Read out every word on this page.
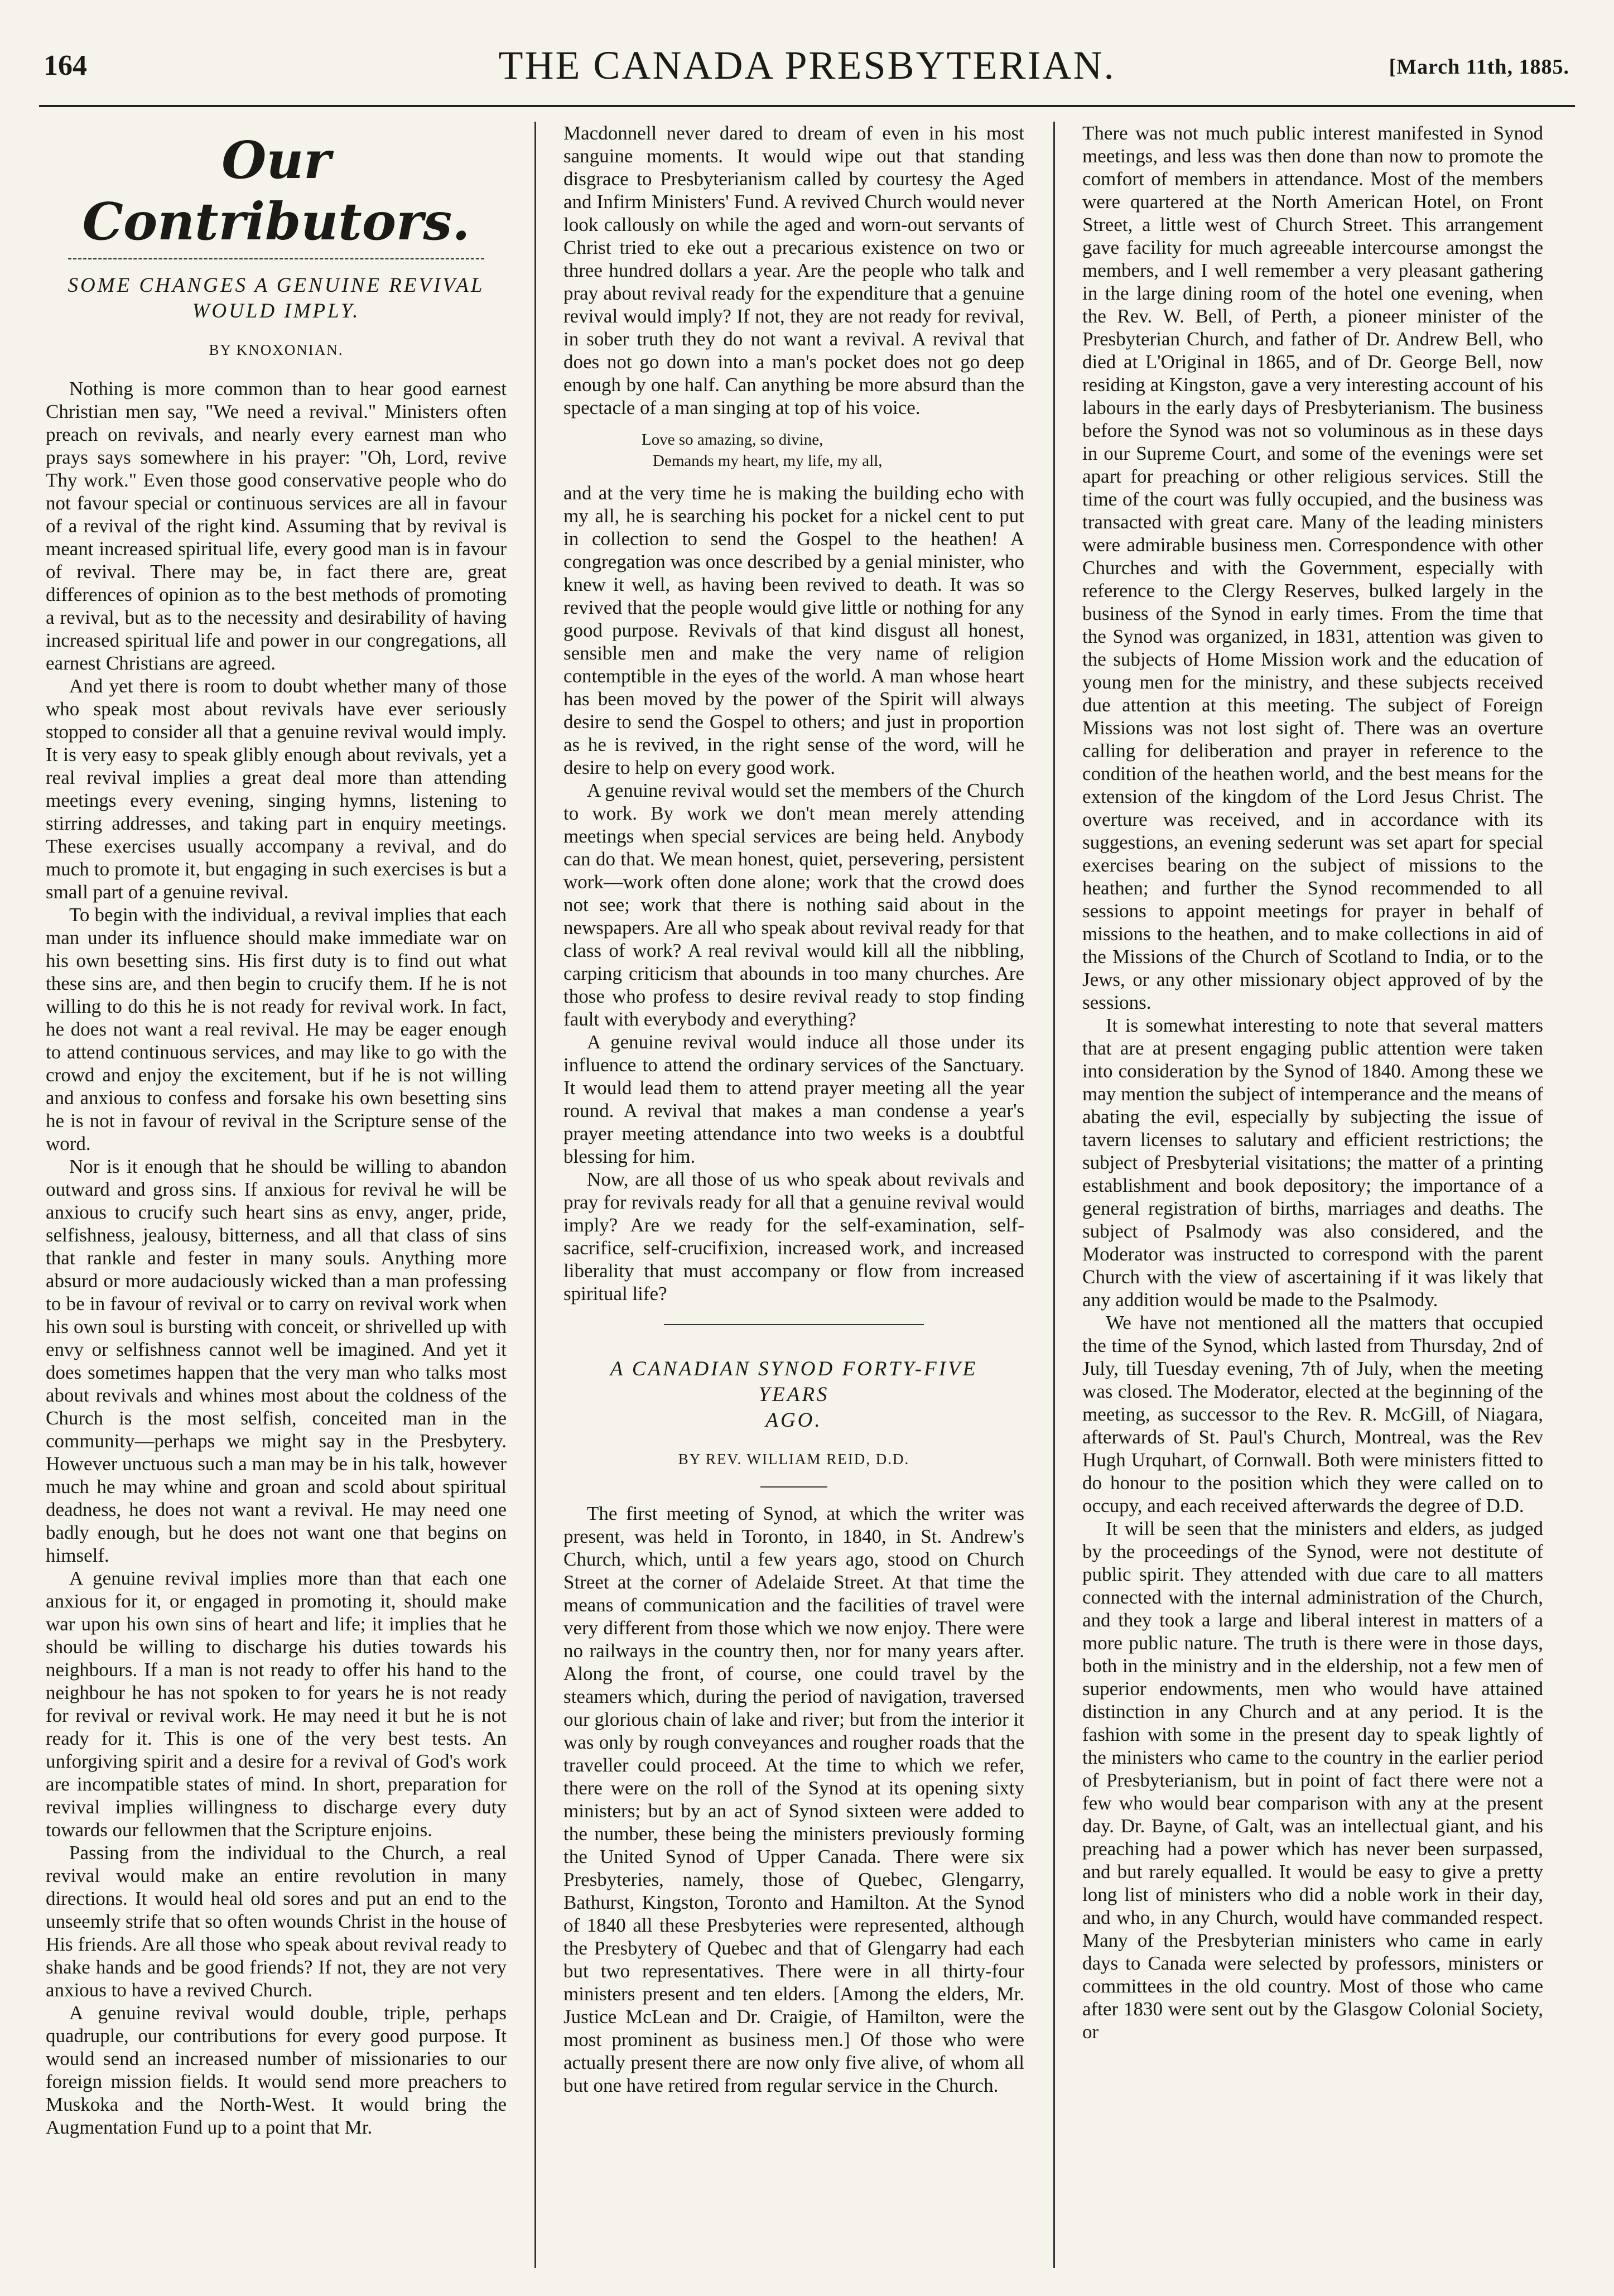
164	THE CANADA PRESBYTERIAN.	[March 11th, 1885.
Our Contributors.
SOME CHANGES A GENUINE REVIVAL
WOULD IMPLY.
BY KNOXONIAN.

Nothing is more common than to hear good earnest Christian men say, "We need a revival." Ministers often preach on revivals, and nearly every earnest man who prays says somewhere in his prayer: "Oh, Lord, revive Thy work." Even those good conservative people who do not favour special or continuous services are all in favour of a revival of the right kind. Assuming that by revival is meant increased spiritual life, every good man is in favour of revival. There may be, in fact there are, great differences of opinion as to the best methods of promoting a revival, but as to the necessity and desirability of having increased spiritual life and power in our congregations, all earnest Christians are agreed.

And yet there is room to doubt whether many of those who speak most about revivals have ever seriously stopped to consider all that a genuine revival would imply. It is very easy to speak glibly enough about revivals, yet a real revival implies a great deal more than attending meetings every evening, singing hymns, listening to stirring addresses, and taking part in enquiry meetings. These exercises usually accompany a revival, and do much to promote it, but engaging in such exercises is but a small part of a genuine revival.

To begin with the individual, a revival implies that each man under its influence should make immediate war on his own besetting sins. His first duty is to find out what these sins are, and then begin to crucify them. If he is not willing to do this he is not ready for revival work. In fact, he does not want a real revival. He may be eager enough to attend continuous services, and may like to go with the crowd and enjoy the excitement, but if he is not willing and anxious to confess and forsake his own besetting sins he is not in favour of revival in the Scripture sense of the word.

Nor is it enough that he should be willing to abandon outward and gross sins. If anxious for revival he will be anxious to crucify such heart sins as envy, anger, pride, selfishness, jealousy, bitterness, and all that class of sins that rankle and fester in many souls. Anything more absurd or more audaciously wicked than a man professing to be in favour of revival or to carry on revival work when his own soul is bursting with conceit, or shrivelled up with envy or selfishness cannot well be imagined. And yet it does sometimes happen that the very man who talks most about revivals and whines most about the coldness of the Church is the most selfish, conceited man in the community—perhaps we might say in the Presbytery. However unctuous such a man may be in his talk, however much he may whine and groan and scold about spiritual deadness, he does not want a revival. He may need one badly enough, but he does not want one that begins on himself.

A genuine revival implies more than that each one anxious for it, or engaged in promoting it, should make war upon his own sins of heart and life; it implies that he should be willing to discharge his duties towards his neighbours. If a man is not ready to offer his hand to the neighbour he has not spoken to for years he is not ready for revival or revival work. He may need it but he is not ready for it. This is one of the very best tests. An unforgiving spirit and a desire for a revival of God's work are incompatible states of mind. In short, preparation for revival implies willingness to discharge every duty towards our fellowmen that the Scripture enjoins.

Passing from the individual to the Church, a real revival would make an entire revolution in many directions. It would heal old sores and put an end to the unseemly strife that so often wounds Christ in the house of His friends. Are all those who speak about revival ready to shake hands and be good friends? If not, they are not very anxious to have a revived Church.

A genuine revival would double, triple, perhaps quadruple, our contributions for every good purpose. It would send an increased number of missionaries to our foreign mission fields. It would send more preachers to Muskoka and the North-West. It would bring the Augmentation Fund up to a point that Mr.

Macdonnell never dared to dream of even in his most sanguine moments. It would wipe out that standing disgrace to Presbyterianism called by courtesy the Aged and Infirm Ministers' Fund. A revived Church would never look callously on while the aged and worn-out servants of Christ tried to eke out a precarious existence on two or three hundred dollars a year. Are the people who talk and pray about revival ready for the expenditure that a genuine revival would imply? If not, they are not ready for revival, in sober truth they do not want a revival. A revival that does not go down into a man's pocket does not go deep enough by one half. Can anything be more absurd than the spectacle of a man singing at top of his voice.

Love so amazing, so divine,
Demands my heart, my life, my all,

and at the very time he is making the building echo with my all, he is searching his pocket for a nickel cent to put in collection to send the Gospel to the heathen! A congregation was once described by a genial minister, who knew it well, as having been revived to death. It was so revived that the people would give little or nothing for any good purpose. Revivals of that kind disgust all honest, sensible men and make the very name of religion contemptible in the eyes of the world. A man whose heart has been moved by the power of the Spirit will always desire to send the Gospel to others; and just in proportion as he is revived, in the right sense of the word, will he desire to help on every good work.

A genuine revival would set the members of the Church to work. By work we don't mean merely attending meetings when special services are being held. Anybody can do that. We mean honest, quiet, persevering, persistent work—work often done alone; work that the crowd does not see; work that there is nothing said about in the newspapers. Are all who speak about revival ready for that class of work? A real revival would kill all the nibbling, carping criticism that abounds in too many churches. Are those who profess to desire revival ready to stop finding fault with everybody and everything?

A genuine revival would induce all those under its influence to attend the ordinary services of the Sanctuary. It would lead them to attend prayer meeting all the year round. A revival that makes a man condense a year's prayer meeting attendance into two weeks is a doubtful blessing for him.

Now, are all those of us who speak about revivals and pray for revivals ready for all that a genuine revival would imply? Are we ready for the self-examination, self-sacrifice, self-crucifixion, increased work, and increased liberality that must accompany or flow from increased spiritual life?

A CANADIAN SYNOD FORTY-FIVE YEARS
AGO.
BY REV. WILLIAM REID, D.D.

The first meeting of Synod, at which the writer was present, was held in Toronto, in 1840, in St. Andrew's Church, which, until a few years ago, stood on Church Street at the corner of Adelaide Street. At that time the means of communication and the facilities of travel were very different from those which we now enjoy. There were no railways in the country then, nor for many years after. Along the front, of course, one could travel by the steamers which, during the period of navigation, traversed our glorious chain of lake and river; but from the interior it was only by rough conveyances and rougher roads that the traveller could proceed. At the time to which we refer, there were on the roll of the Synod at its opening sixty ministers; but by an act of Synod sixteen were added to the number, these being the ministers previously forming the United Synod of Upper Canada. There were six Presbyteries, namely, those of Quebec, Glengarry, Bathurst, Kingston, Toronto and Hamilton. At the Synod of 1840 all these Presbyteries were represented, although the Presbytery of Quebec and that of Glengarry had each but two representatives. There were in all thirty-four ministers present and ten elders. [Among the elders, Mr. Justice McLean and Dr. Craigie, of Hamilton, were the most prominent as business men.] Of those who were actually present there are now only five alive, of whom all but one have retired from regular service in the Church.

There was not much public interest manifested in Synod meetings, and less was then done than now to promote the comfort of members in attendance. Most of the members were quartered at the North American Hotel, on Front Street, a little west of Church Street. This arrangement gave facility for much agreeable intercourse amongst the members, and I well remember a very pleasant gathering in the large dining room of the hotel one evening, when the Rev. W. Bell, of Perth, a pioneer minister of the Presbyterian Church, and father of Dr. Andrew Bell, who died at L'Original in 1865, and of Dr. George Bell, now residing at Kingston, gave a very interesting account of his labours in the early days of Presbyterianism. The business before the Synod was not so voluminous as in these days in our Supreme Court, and some of the evenings were set apart for preaching or other religious services. Still the time of the court was fully occupied, and the business was transacted with great care. Many of the leading ministers were admirable business men. Correspondence with other Churches and with the Government, especially with reference to the Clergy Reserves, bulked largely in the business of the Synod in early times. From the time that the Synod was organized, in 1831, attention was given to the subjects of Home Mission work and the education of young men for the ministry, and these subjects received due attention at this meeting. The subject of Foreign Missions was not lost sight of. There was an overture calling for deliberation and prayer in reference to the condition of the heathen world, and the best means for the extension of the kingdom of the Lord Jesus Christ. The overture was received, and in accordance with its suggestions, an evening sederunt was set apart for special exercises bearing on the subject of missions to the heathen; and further the Synod recommended to all sessions to appoint meetings for prayer in behalf of missions to the heathen, and to make collections in aid of the Missions of the Church of Scotland to India, or to the Jews, or any other missionary object approved of by the sessions.

It is somewhat interesting to note that several matters that are at present engaging public attention were taken into consideration by the Synod of 1840. Among these we may mention the subject of intemperance and the means of abating the evil, especially by subjecting the issue of tavern licenses to salutary and efficient restrictions; the subject of Presbyterial visitations; the matter of a printing establishment and book depository; the importance of a general registration of births, marriages and deaths. The subject of Psalmody was also considered, and the Moderator was instructed to correspond with the parent Church with the view of ascertaining if it was likely that any addition would be made to the Psalmody.

We have not mentioned all the matters that occupied the time of the Synod, which lasted from Thursday, 2nd of July, till Tuesday evening, 7th of July, when the meeting was closed. The Moderator, elected at the beginning of the meeting, as successor to the Rev. R. McGill, of Niagara, afterwards of St. Paul's Church, Montreal, was the Rev Hugh Urquhart, of Cornwall. Both were ministers fitted to do honour to the position which they were called on to occupy, and each received afterwards the degree of D.D.

It will be seen that the ministers and elders, as judged by the proceedings of the Synod, were not destitute of public spirit. They attended with due care to all matters connected with the internal administration of the Church, and they took a large and liberal interest in matters of a more public nature. The truth is there were in those days, both in the ministry and in the eldership, not a few men of superior endowments, men who would have attained distinction in any Church and at any period. It is the fashion with some in the present day to speak lightly of the ministers who came to the country in the earlier period of Presbyterianism, but in point of fact there were not a few who would bear comparison with any at the present day. Dr. Bayne, of Galt, was an intellectual giant, and his preaching had a power which has never been surpassed, and but rarely equalled. It would be easy to give a pretty long list of ministers who did a noble work in their day, and who, in any Church, would have commanded respect. Many of the Presbyterian ministers who came in early days to Canada were selected by professors, ministers or committees in the old country. Most of those who came after 1830 were sent out by the Glasgow Colonial Society, or
